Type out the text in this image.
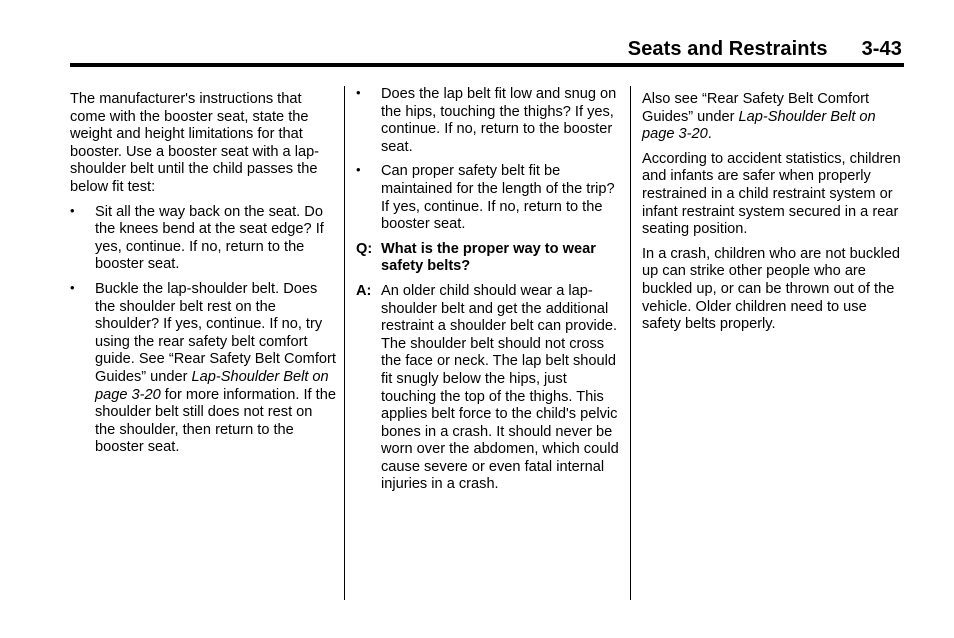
Seats and Restraints 3-43

The manufacturer's instructions that come with the booster seat, state the weight and height limitations for that booster. Use a booster seat with a lap-shoulder belt until the child passes the below fit test:

• Sit all the way back on the seat. Do the knees bend at the seat edge? If yes, continue. If no, return to the booster seat.
• Buckle the lap-shoulder belt. Does the shoulder belt rest on the shoulder? If yes, continue. If no, try using the rear safety belt comfort guide. See “Rear Safety Belt Comfort Guides” under Lap-Shoulder Belt on page 3-20 for more information. If the shoulder belt still does not rest on the shoulder, then return to the booster seat.
• Does the lap belt fit low and snug on the hips, touching the thighs? If yes, continue. If no, return to the booster seat.
• Can proper safety belt fit be maintained for the length of the trip? If yes, continue. If no, return to the booster seat.
Q: What is the proper way to wear safety belts?
A: An older child should wear a lap-shoulder belt and get the additional restraint a shoulder belt can provide. The shoulder belt should not cross the face or neck. The lap belt should fit snugly below the hips, just touching the top of the thighs. This applies belt force to the child's pelvic bones in a crash. It should never be worn over the abdomen, which could cause severe or even fatal internal injuries in a crash.

Also see “Rear Safety Belt Comfort Guides” under Lap-Shoulder Belt on page 3-20.

According to accident statistics, children and infants are safer when properly restrained in a child restraint system or infant restraint system secured in a rear seating position.

In a crash, children who are not buckled up can strike other people who are buckled up, or can be thrown out of the vehicle. Older children need to use safety belts properly.
